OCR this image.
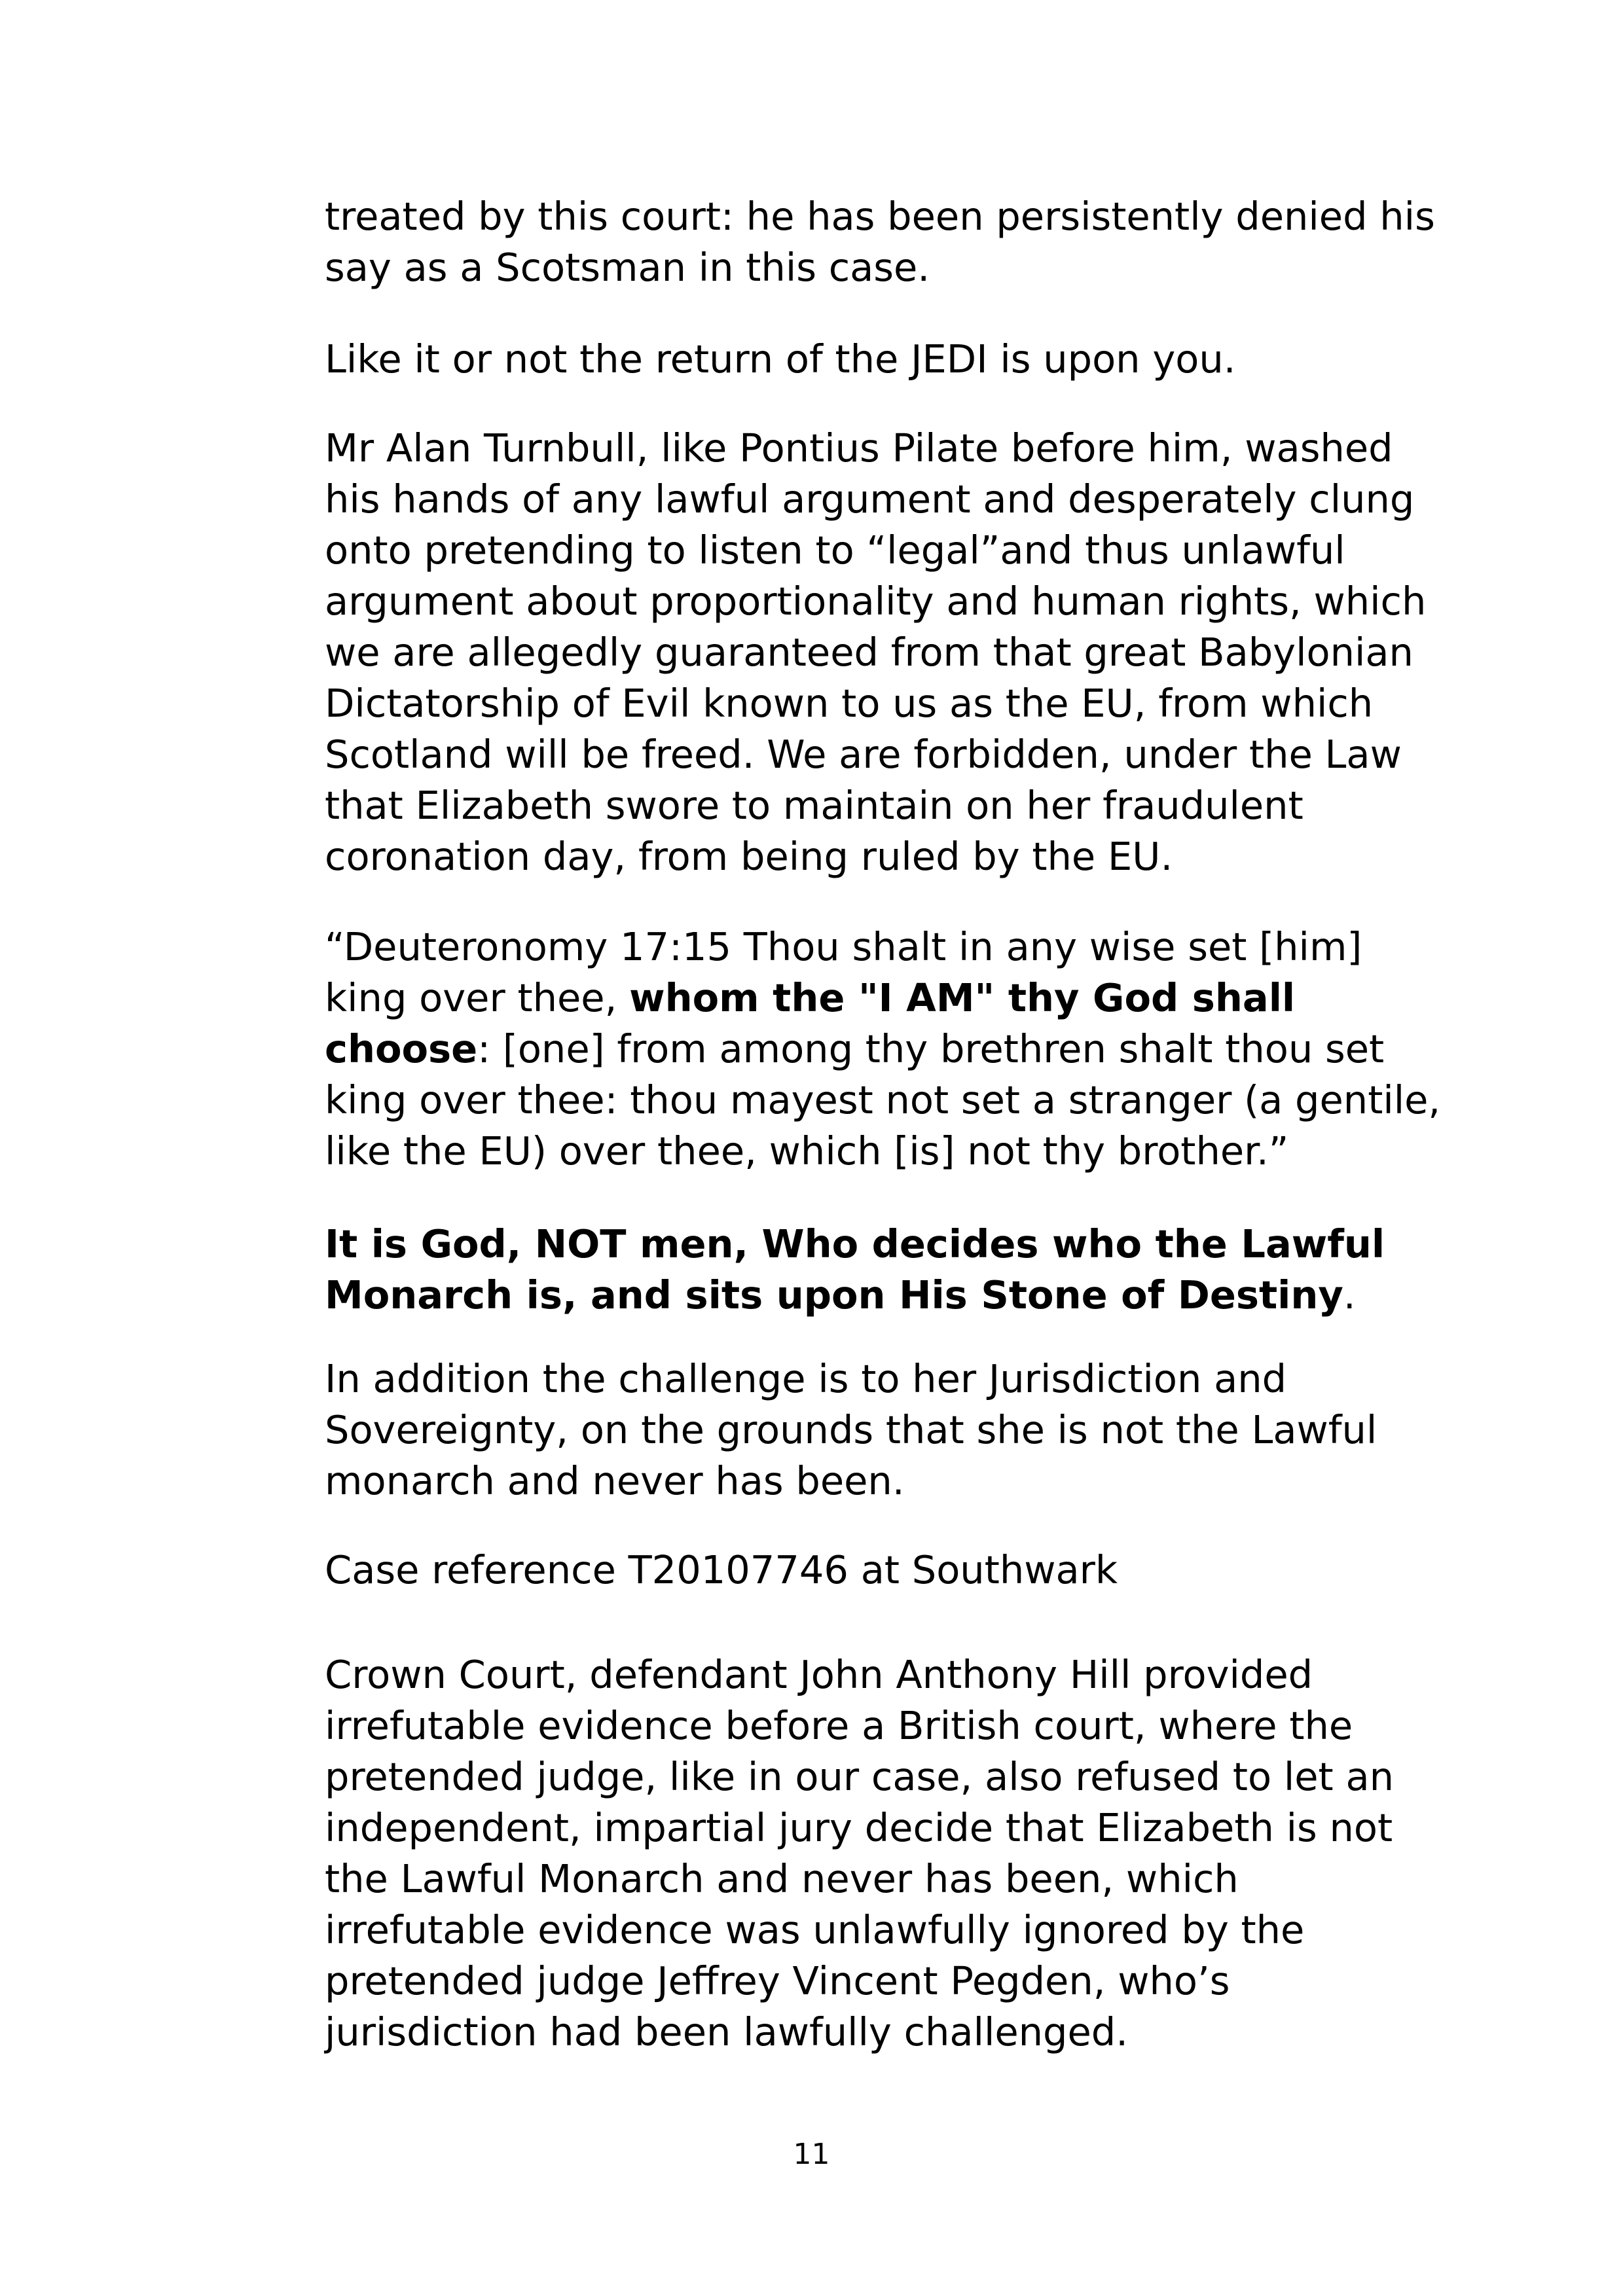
treated by this court: he has been persistently denied his
say as a Scotsman in this case.

Like it or not the return of the JEDI is upon you.

Mr Alan Turnbull, like Pontius Pilate before him, washed
his hands of any lawful argument and desperately clung
onto pretending to listen to “legal”and thus unlawful
argument about proportionality and human rights, which
we are allegedly guaranteed from that great Babylonian
Dictatorship of Evil known to us as the EU, from which
Scotland will be freed. We are forbidden, under the Law
that Elizabeth swore to maintain on her fraudulent
coronation day, from being ruled by the EU.

“Deuteronomy 17:15 Thou shalt in any wise set [him]
king over thee, whom the "I AM" thy God shall
choose: [one] from among thy brethren shalt thou set
king over thee: thou mayest not set a stranger (a gentile,
like the EU) over thee, which [is] not thy brother.”

It is God, NOT men, Who decides who the Lawful
Monarch is, and sits upon His Stone of Destiny.

In addition the challenge is to her Jurisdiction and
Sovereignty, on the grounds that she is not the Lawful
monarch and never has been.

Case reference T20107746 at Southwark

Crown Court, defendant John Anthony Hill provided
irrefutable evidence before a British court, where the
pretended judge, like in our case, also refused to let an
independent, impartial jury decide that Elizabeth is not
the Lawful Monarch and never has been, which
irrefutable evidence was unlawfully ignored by the
pretended judge Jeffrey Vincent Pegden, who’s
jurisdiction had been lawfully challenged.

11
